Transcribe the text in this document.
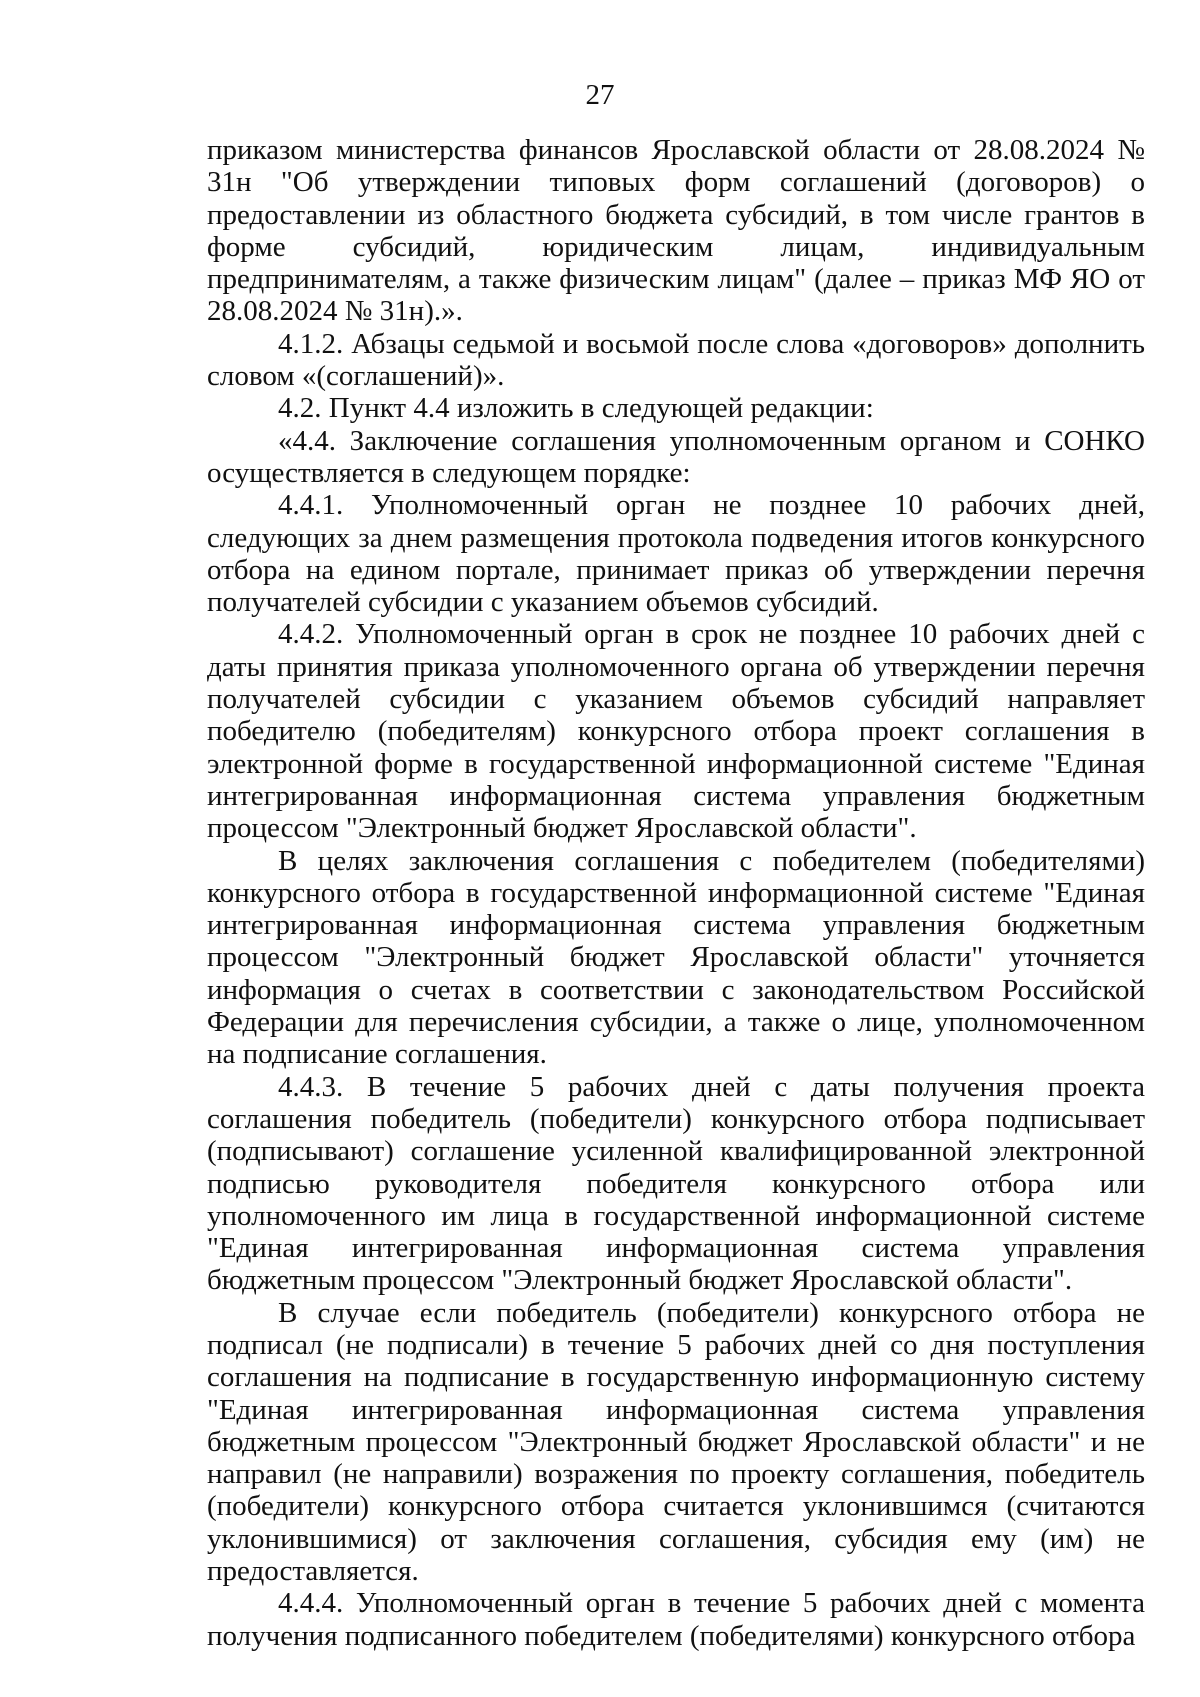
27

приказом министерства финансов Ярославской области от 28.08.2024 № 31н "Об утверждении типовых форм соглашений (договоров) о предоставлении из областного бюджета субсидий, в том числе грантов в форме субсидий, юридическим лицам, индивидуальным предпринимателям, а также физическим лицам" (далее – приказ МФ ЯО от 28.08.2024 № 31н).».

4.1.2. Абзацы седьмой и восьмой после слова «договоров» дополнить словом «(соглашений)».

4.2. Пункт 4.4 изложить в следующей редакции:

«4.4. Заключение соглашения уполномоченным органом и СОНКО осуществляется в следующем порядке:

4.4.1. Уполномоченный орган не позднее 10 рабочих дней, следующих за днем размещения протокола подведения итогов конкурсного отбора на едином портале, принимает приказ об утверждении перечня получателей субсидии с указанием объемов субсидий.

4.4.2. Уполномоченный орган в срок не позднее 10 рабочих дней с даты принятия приказа уполномоченного органа об утверждении перечня получателей субсидии с указанием объемов субсидий направляет победителю (победителям) конкурсного отбора проект соглашения в электронной форме в государственной информационной системе "Единая интегрированная информационная система управления бюджетным процессом "Электронный бюджет Ярославской области".

В целях заключения соглашения с победителем (победителями) конкурсного отбора в государственной информационной системе "Единая интегрированная информационная система управления бюджетным процессом "Электронный бюджет Ярославской области" уточняется информация о счетах в соответствии с законодательством Российской Федерации для перечисления субсидии, а также о лице, уполномоченном на подписание соглашения.

4.4.3. В течение 5 рабочих дней с даты получения проекта соглашения победитель (победители) конкурсного отбора подписывает (подписывают) соглашение усиленной квалифицированной электронной подписью руководителя победителя конкурсного отбора или уполномоченного им лица в государственной информационной системе "Единая интегрированная информационная система управления бюджетным процессом "Электронный бюджет Ярославской области".

В случае если победитель (победители) конкурсного отбора не подписал (не подписали) в течение 5 рабочих дней со дня поступления соглашения на подписание в государственную информационную систему "Единая интегрированная информационная система управления бюджетным процессом "Электронный бюджет Ярославской области" и не направил (не направили) возражения по проекту соглашения, победитель (победители) конкурсного отбора считается уклонившимся (считаются уклонившимися) от заключения соглашения, субсидия ему (им) не предоставляется.

4.4.4. Уполномоченный орган в течение 5 рабочих дней с момента получения подписанного победителем (победителями) конкурсного отбора
